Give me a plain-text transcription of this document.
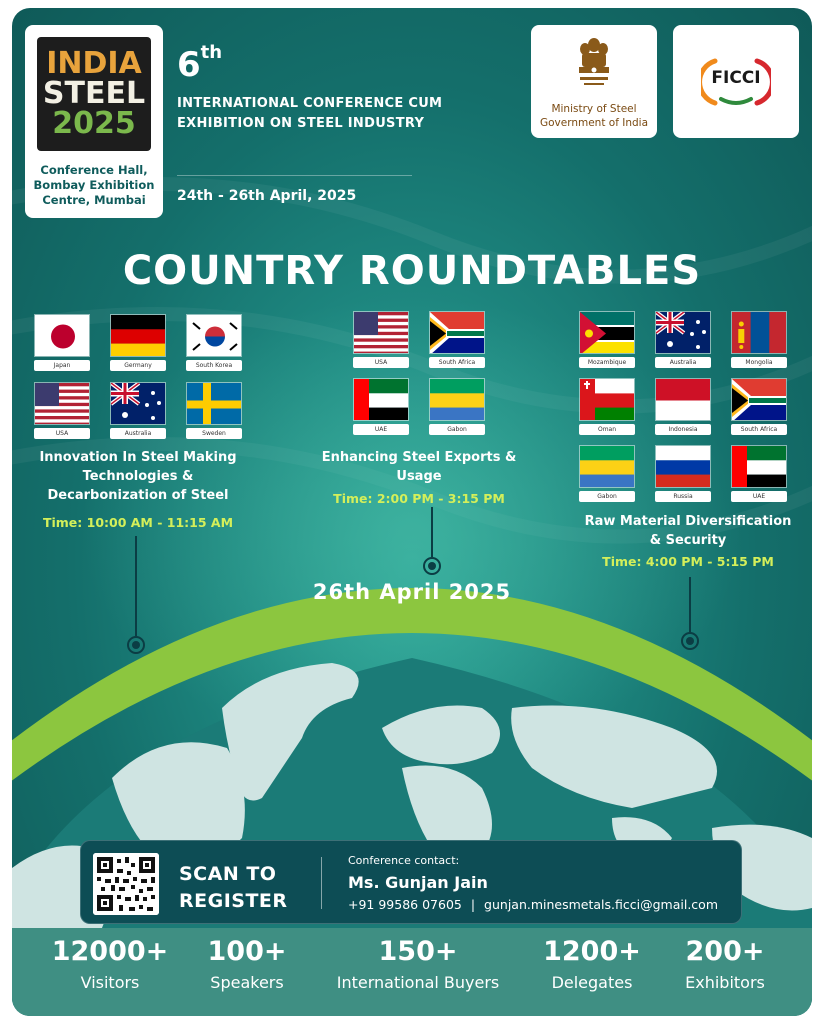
INDIA
STEEL
2025
Conference Hall, Bombay Exhibition Centre, Mumbai
6th
INTERNATIONAL CONFERENCE CUM EXHIBITION ON STEEL INDUSTRY
24th - 26th April, 2025
Ministry of Steel
Government of India
FICCI
COUNTRY ROUNDTABLES
Japan	Germany	South Korea
USA	Australia	Sweden
Innovation In Steel Making Technologies & Decarbonization of Steel
Time: 10:00 AM - 11:15 AM
USA	South Africa
UAE	Gabon
Enhancing Steel Exports & Usage
Time: 2:00 PM - 3:15 PM
Mozambique	Australia	Mongolia
Oman	Indonesia	South Africa
Gabon	Russia	UAE
Raw Material Diversification & Security
Time: 4:00 PM - 5:15 PM
26th April 2025
SCAN TO
REGISTER
Conference contact:
Ms. Gunjan Jain
+91 99586 07605 | gunjan.minesmetals.ficci@gmail.com
12000+
Visitors
100+
Speakers
150+
International Buyers
1200+
Delegates
200+
Exhibitors
